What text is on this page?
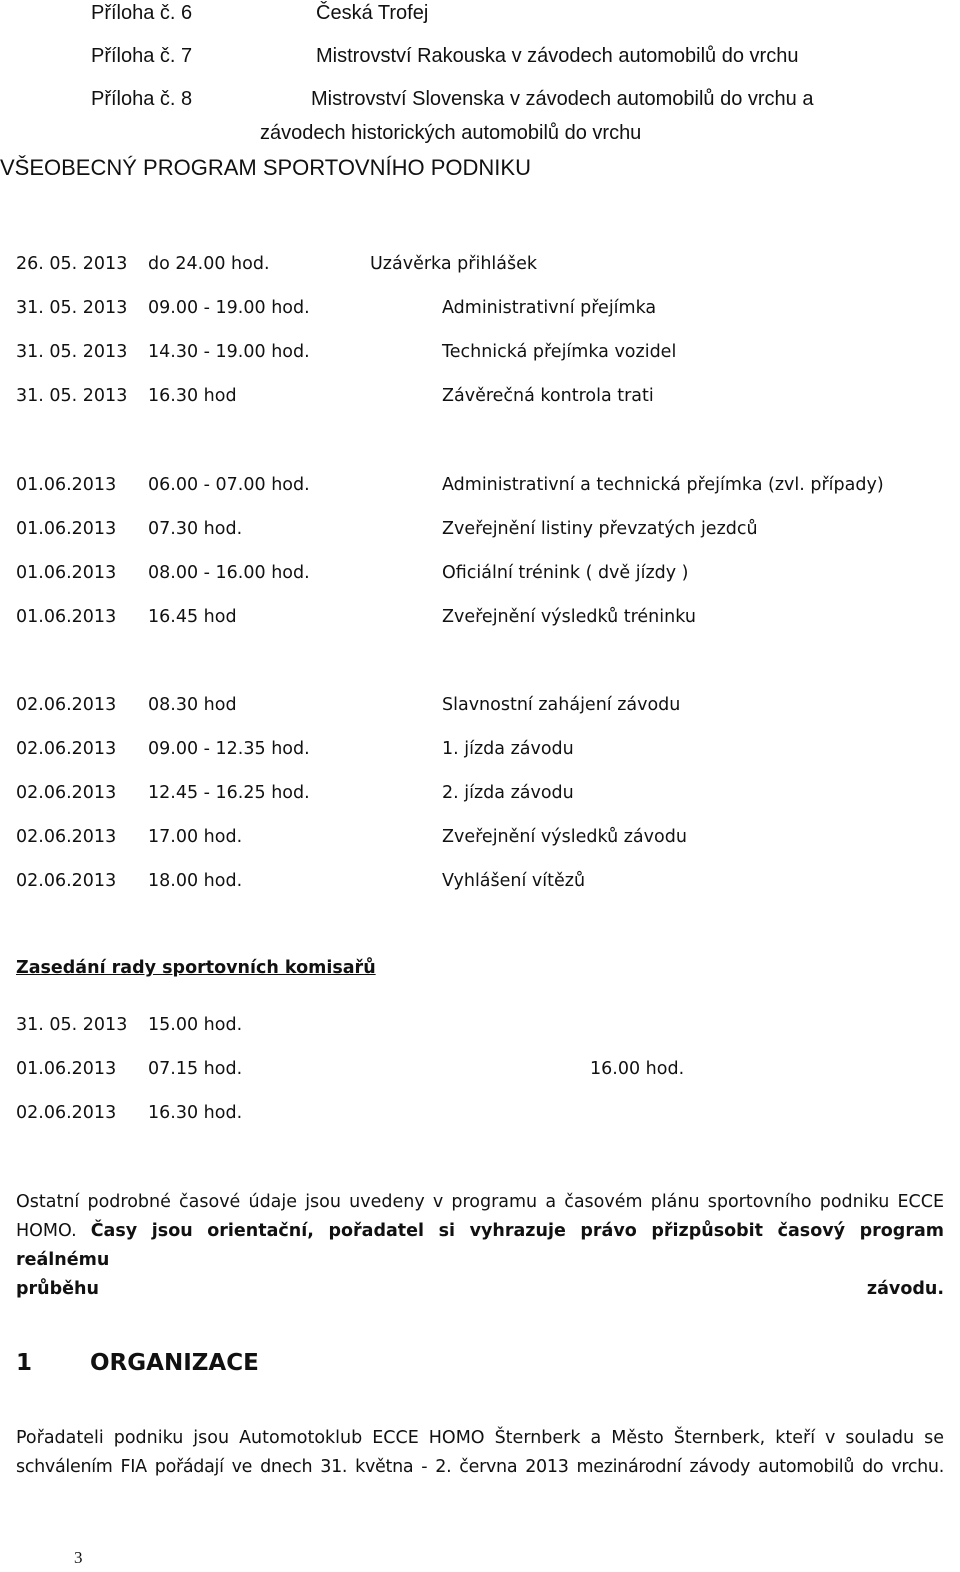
Příloha č. 6	Česká Trofej
Příloha č. 7	Mistrovství Rakouska v závodech automobilů do vrchu
Příloha č. 8	Mistrovství Slovenska v závodech automobilů do vrchu a
závodech historických automobilů do vrchu
VŠEOBECNÝ PROGRAM SPORTOVNÍHO PODNIKU
26. 05. 2013 do 24.00 hod.	Uzávěrka přihlášek
31. 05. 2013 09.00 - 19.00 hod.	Administrativní přejímka
31. 05. 2013 14.30 - 19.00 hod.	Technická přejímka vozidel
31. 05. 2013 16.30 hod	Závěrečná kontrola trati
01.06.2013 06.00 - 07.00 hod.	Administrativní a technická přejímka (zvl. případy)
01.06.2013 07.30 hod.	Zveřejnění listiny převzatých jezdců
01.06.2013 08.00 - 16.00 hod.	Oficiální trénink ( dvě jízdy )
01.06.2013 16.45 hod	Zveřejnění výsledků tréninku
02.06.2013 08.30 hod	Slavnostní zahájení závodu
02.06.2013 09.00 - 12.35 hod.	1. jízda závodu
02.06.2013 12.45 - 16.25 hod.	2. jízda závodu
02.06.2013 17.00 hod.	Zveřejnění výsledků závodu
02.06.2013 18.00 hod.	Vyhlášení vítězů
Zasedání rady sportovních komisařů
31. 05. 2013 15.00 hod.
01.06.2013 07.15 hod.	16.00 hod.
02.06.2013 16.30 hod.
Ostatní podrobné časové údaje jsou uvedeny v programu a časovém plánu sportovního podniku ECCE
HOMO. Časy jsou orientační, pořadatel si vyhrazuje právo přizpůsobit časový program reálnému
průběhu závodu.
1	ORGANIZACE
Pořadateli podniku jsou Automotoklub ECCE HOMO Šternberk a Město Šternberk, kteří v souladu se
schválením FIA pořádají ve dnech 31. května - 2. června 2013 mezinárodní závody automobilů do vrchu.
3
